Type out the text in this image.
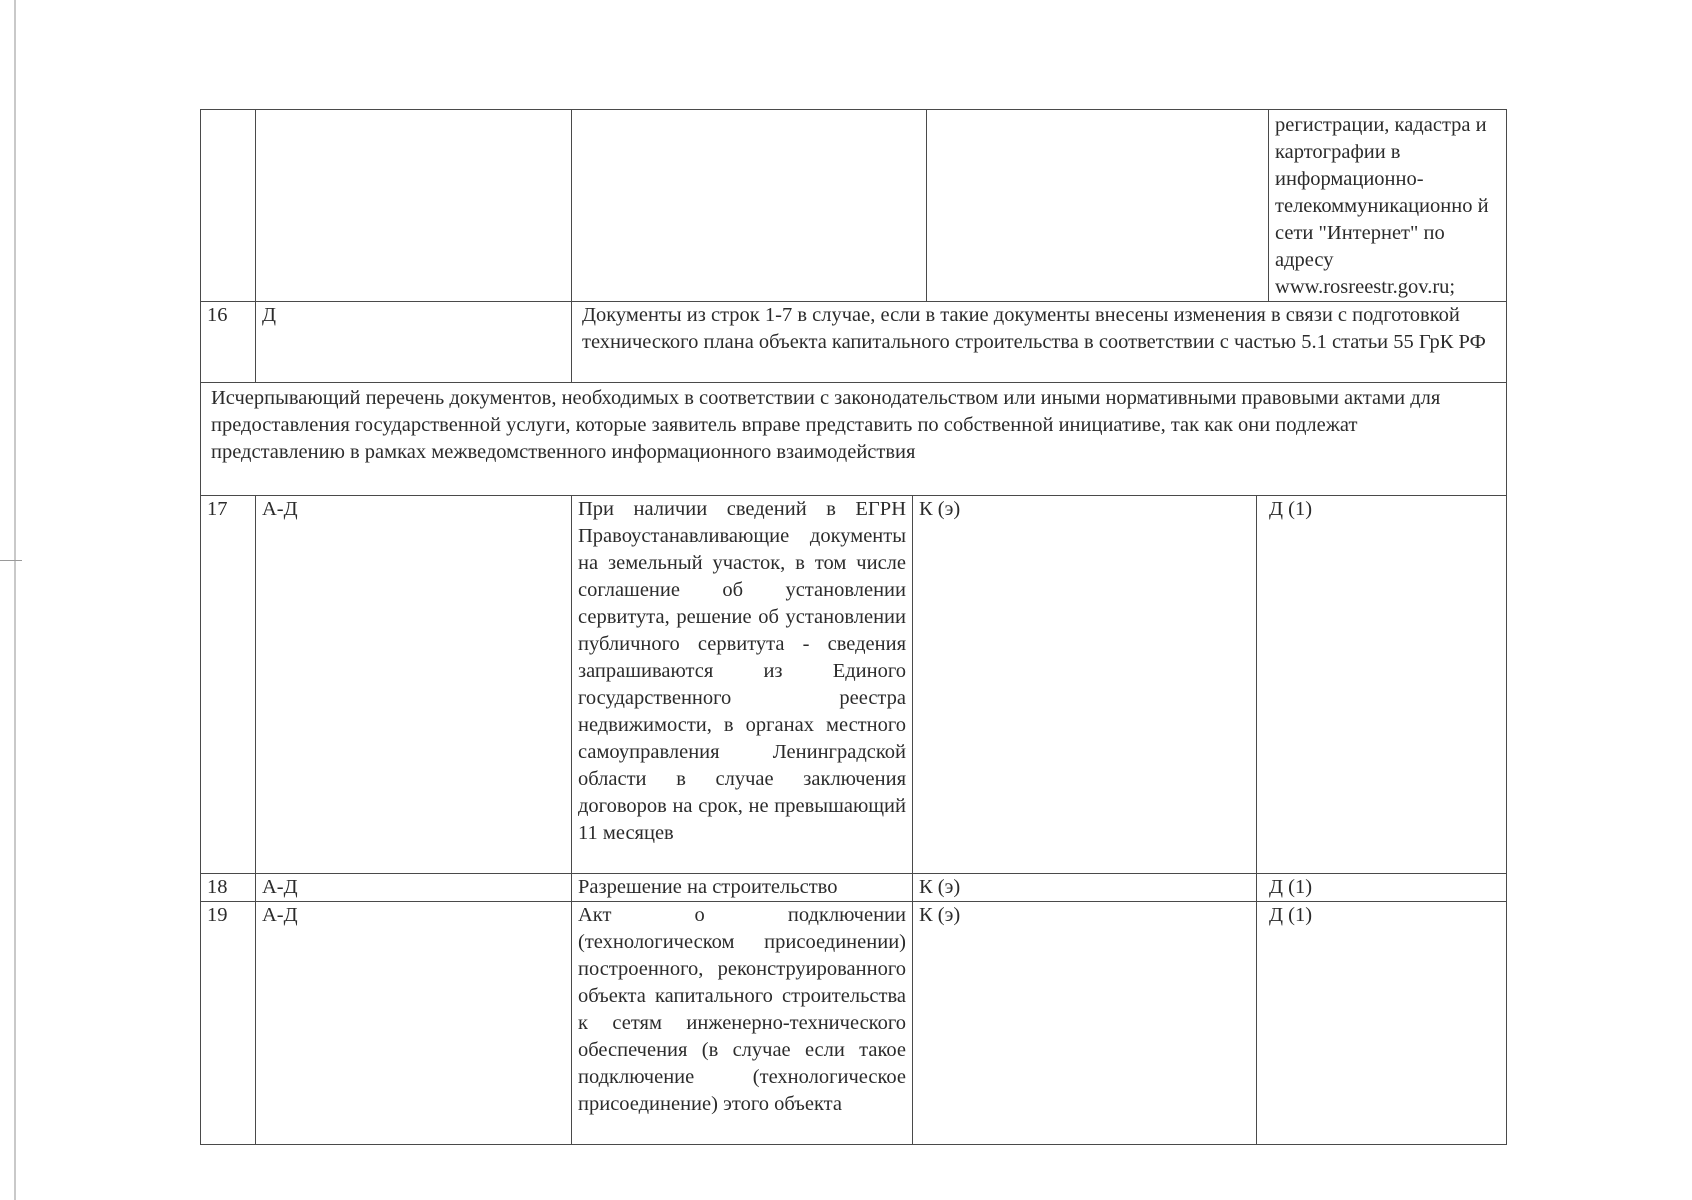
						регистрации, кадастра и картографии в информационно-телекоммуникационно й сети "Интернет" по адресу www.rosreestr.gov.ru;
16	Д	Документы из строк 1-7 в случае, если в такие документы внесены изменения в связи с подготовкой технического плана объекта капитального строительства в соответствии с частью 5.1 статьи 55 ГрК РФ				
Исчерпывающий перечень документов, необходимых в соответствии с законодательством или иными нормативными правовыми актами для предоставления государственной услуги, которые заявитель вправе представить по собственной инициативе, так как они подлежат представлению в рамках межведомственного информационного взаимодействия						
17	А-Д	При наличии сведений в ЕГРН Правоустанавливающие документы на земельный участок, в том числе соглашение об установлении сервитута, решение об установлении публичного сервитута - сведения запрашиваются из Единого государственного реестра недвижимости, в органах местного самоуправления Ленинградской области в случае заключения договоров на срок, не превышающий 11 месяцев	К (э)		Д (1)	
18	А-Д	Разрешение на строительство	К (э)		Д (1)	
19	А-Д	Акт о подключении (технологическом присоединении) построенного, реконструированного объекта капитального строительства к сетям инженерно-технического обеспечения (в случае если такое подключение (технологическое присоединение) этого объекта	К (э)		Д (1)	
